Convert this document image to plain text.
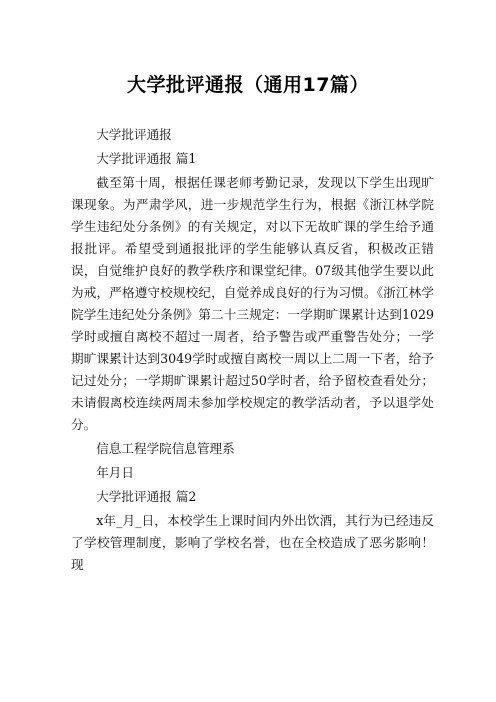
大学批评通报（通用17篇）

大学批评通报

大学批评通报 篇1

截至第十周，根据任课老师考勤记录，发现以下学生出现旷课现象。为严肃学风，进一步规范学生行为，根据《浙江林学院学生违纪处分条例》的有关规定，对以下无故旷课的学生给予通报批评。希望受到通报批评的学生能够认真反省，积极改正错误，自觉维护良好的教学秩序和课堂纪律。07级其他学生要以此为戒，严格遵守校规校纪，自觉养成良好的行为习惯。《浙江林学院学生违纪处分条例》第二十三规定：一学期旷课累计达到1029学时或擅自离校不超过一周者，给予警告或严重警告处分；一学期旷课累计达到3049学时或擅自离校一周以上二周一下者，给予记过处分；一学期旷课累计超过50学时者，给予留校查看处分；未请假离校连续两周未参加学校规定的教学活动者，予以退学处分。

信息工程学院信息管理系

年月日

大学批评通报 篇2

x年_月_日，本校学生上课时间内外出饮酒，其行为已经违反了学校管理制度，影响了学校名誉，也在全校造成了恶劣影响！现
